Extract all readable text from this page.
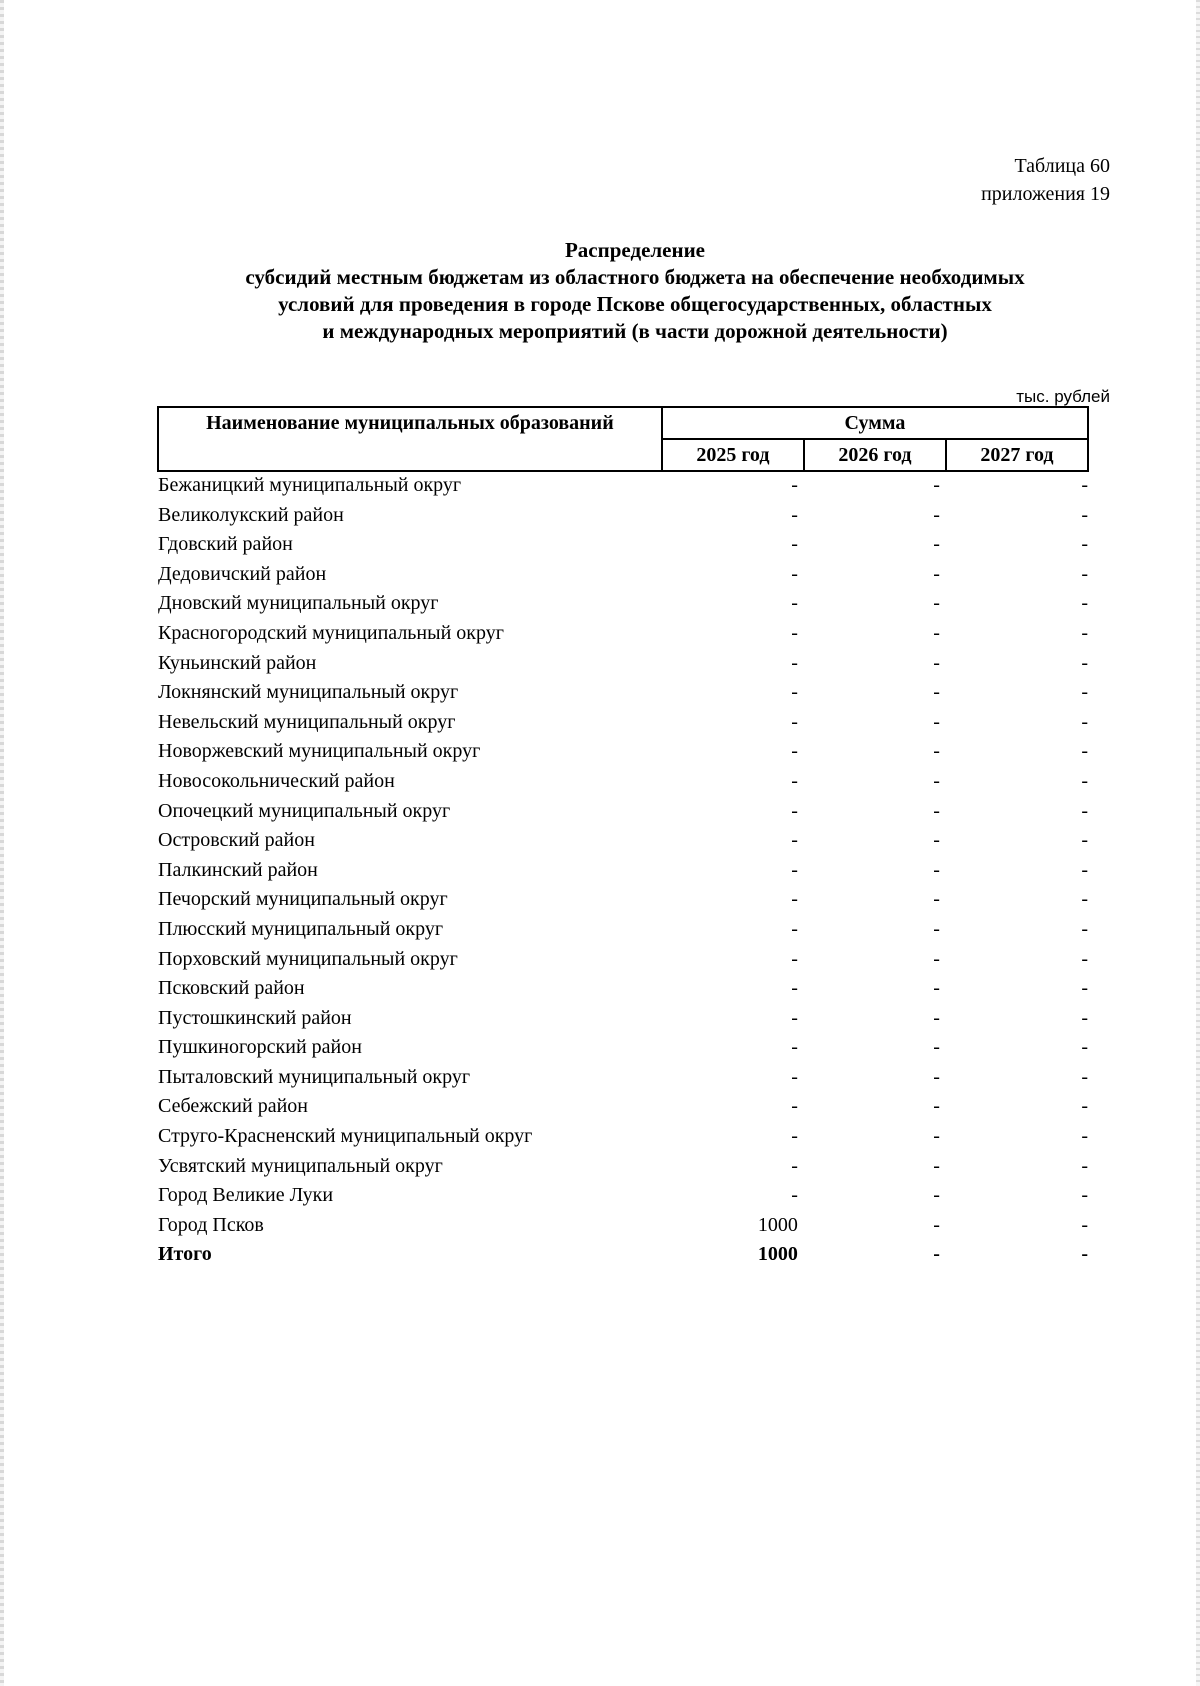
Таблица 60
приложения 19
Распределение
субсидий местным бюджетам из областного бюджета на обеспечение необходимых
условий для проведения в городе Пскове общегосударственных, областных
и международных мероприятий (в части дорожной деятельности)
тыс. рублей
Наименование муниципальных образований	Сумма		
	2025 год	2026 год	2027 год
Бежаницкий муниципальный округ	-	-	-
Великолукский район	-	-	-
Гдовский район	-	-	-
Дедовичский район	-	-	-
Дновский муниципальный округ	-	-	-
Красногородский муниципальный округ	-	-	-
Куньинский район	-	-	-
Локнянский муниципальный округ	-	-	-
Невельский муниципальный округ	-	-	-
Новоржевский муниципальный округ	-	-	-
Новосокольнический район	-	-	-
Опочецкий муниципальный округ	-	-	-
Островский район	-	-	-
Палкинский район	-	-	-
Печорский муниципальный округ	-	-	-
Плюсский муниципальный округ	-	-	-
Порховский муниципальный округ	-	-	-
Псковский район	-	-	-
Пустошкинский район	-	-	-
Пушкиногорский район	-	-	-
Пыталовский муниципальный округ	-	-	-
Себежский район	-	-	-
Струго-Красненский муниципальный округ	-	-	-
Усвятский муниципальный округ	-	-	-
Город Великие Луки	-	-	-
Город Псков	1000	-	-
Итого	1000	-	-
